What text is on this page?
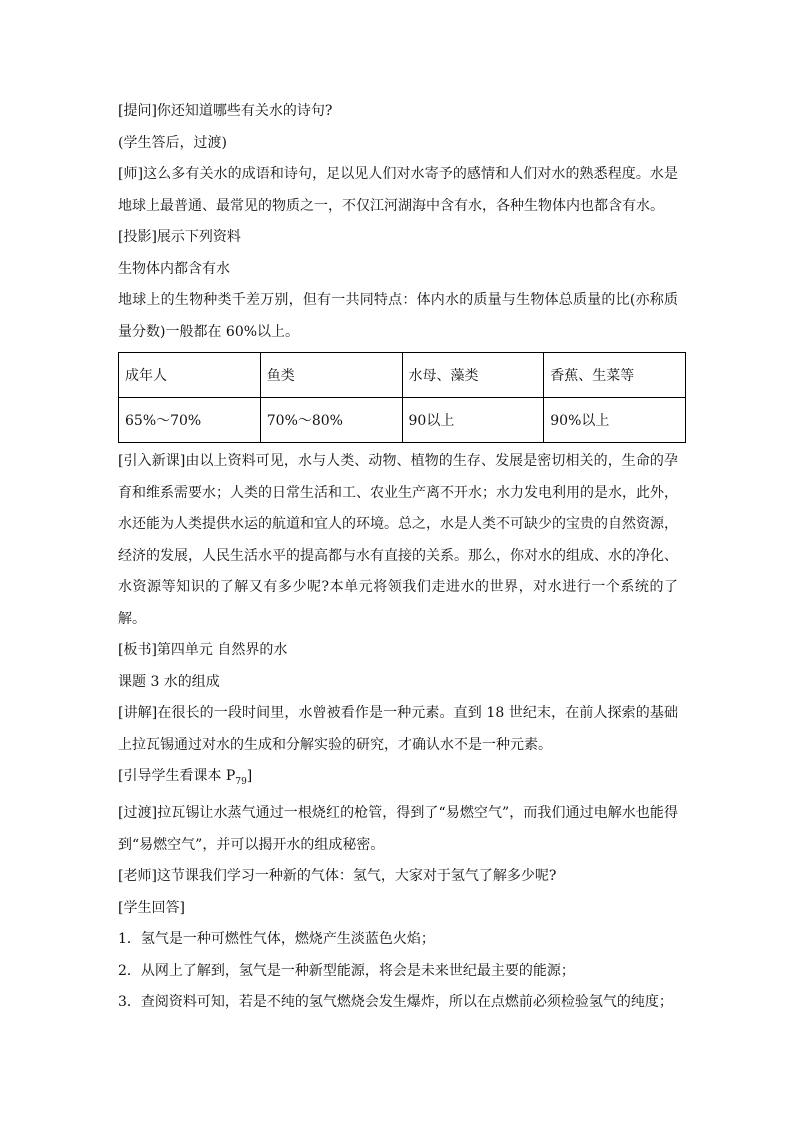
[提问]你还知道哪些有关水的诗句?

(学生答后，过渡)

[师]这么多有关水的成语和诗句，足以见人们对水寄予的感情和人们对水的熟悉程度。水是地球上最普通、最常见的物质之一，不仅江河湖海中含有水，各种生物体内也都含有水。

[投影]展示下列资料

生物体内都含有水

地球上的生物种类千差万别，但有一共同特点：体内水的质量与生物体总质量的比(亦称质量分数)一般都在 60%以上。

成年人	鱼类	水母、藻类	香蕉、生菜等
65%～70%	70%～80%	90以上	90%以上

[引入新课]由以上资料可见，水与人类、动物、植物的生存、发展是密切相关的，生命的孕育和维系需要水；人类的日常生活和工、农业生产离不开水；水力发电利用的是水，此外，水还能为人类提供水运的航道和宜人的环境。总之，水是人类不可缺少的宝贵的自然资源，经济的发展，人民生活水平的提高都与水有直接的关系。那么，你对水的组成、水的净化、水资源等知识的了解又有多少呢?本单元将领我们走进水的世界，对水进行一个系统的了解。

[板书]第四单元 自然界的水

课题 3 水的组成

[讲解]在很长的一段时间里，水曾被看作是一种元素。直到 18 世纪末，在前人探索的基础上拉瓦锡通过对水的生成和分解实验的研究，才确认水不是一种元素。

[引导学生看课本 $P_{79}$]

[过渡]拉瓦锡让水蒸气通过一根烧红的枪管，得到了“易燃空气”，而我们通过电解水也能得到“易燃空气”，并可以揭开水的组成秘密。

[老师]这节课我们学习一种新的气体：氢气，大家对于氢气了解多少呢?

[学生回答]

1．氢气是一种可燃性气体，燃烧产生淡蓝色火焰；

2．从网上了解到，氢气是一种新型能源，将会是未来世纪最主要的能源；

3．查阅资料可知，若是不纯的氢气燃烧会发生爆炸，所以在点燃前必须检验氢气的纯度；
